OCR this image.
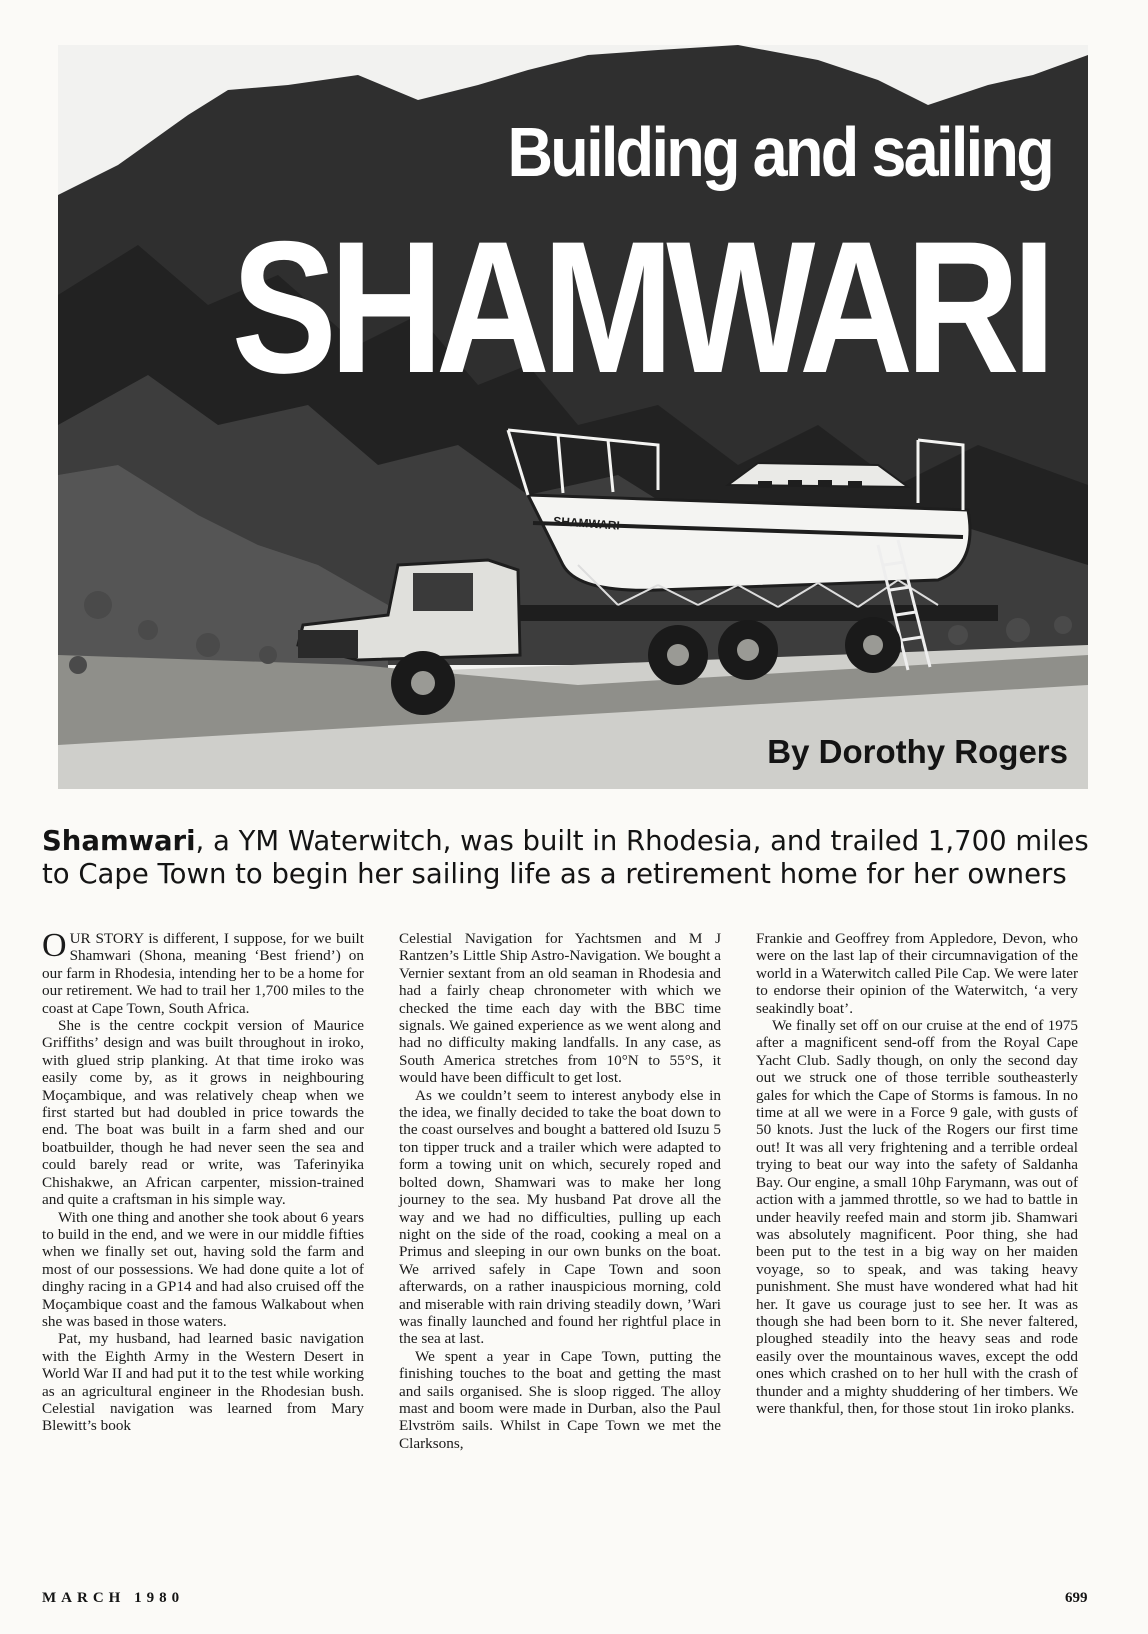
SHAMWARI
Building and sailing
SHAMWARI
By Dorothy Rogers
Shamwari, a YM Waterwitch, was built in Rhodesia, and trailed 1,700 miles to Cape Town to begin her sailing life as a retirement home for her owners

OUR STORY is different, I suppose, for we built Shamwari (Shona, meaning ‘Best friend’) on our farm in Rhodesia, intending her to be a home for our retirement. We had to trail her 1,700 miles to the coast at Cape Town, South Africa.

She is the centre cockpit version of Maurice Griffiths’ design and was built throughout in iroko, with glued strip planking. At that time iroko was easily come by, as it grows in neighbouring Moçambique, and was relatively cheap when we first started but had doubled in price towards the end. The boat was built in a farm shed and our boatbuilder, though he had never seen the sea and could barely read or write, was Taferinyika Chishakwe, an African carpenter, mission-trained and quite a craftsman in his simple way.

With one thing and another she took about 6 years to build in the end, and we were in our middle fifties when we finally set out, having sold the farm and most of our possessions. We had done quite a lot of dinghy racing in a GP14 and had also cruised off the Moçambique coast and the famous Walkabout when she was based in those waters.

Pat, my husband, had learned basic navigation with the Eighth Army in the Western Desert in World War II and had put it to the test while working as an agricultural engineer in the Rhodesian bush. Celestial navigation was learned from Mary Blewitt’s book

Celestial Navigation for Yachtsmen and M J Rantzen’s Little Ship Astro-Navigation. We bought a Vernier sextant from an old seaman in Rhodesia and had a fairly cheap chronometer with which we checked the time each day with the BBC time signals. We gained experience as we went along and had no difficulty making landfalls. In any case, as South America stretches from 10°N to 55°S, it would have been difficult to get lost.

As we couldn’t seem to interest anybody else in the idea, we finally decided to take the boat down to the coast ourselves and bought a battered old Isuzu 5 ton tipper truck and a trailer which were adapted to form a towing unit on which, securely roped and bolted down, Shamwari was to make her long journey to the sea. My husband Pat drove all the way and we had no difficulties, pulling up each night on the side of the road, cooking a meal on a Primus and sleeping in our own bunks on the boat. We arrived safely in Cape Town and soon afterwards, on a rather inauspicious morning, cold and miserable with rain driving steadily down, ’Wari was finally launched and found her rightful place in the sea at last.

We spent a year in Cape Town, putting the finishing touches to the boat and getting the mast and sails organised. She is sloop rigged. The alloy mast and boom were made in Durban, also the Paul Elvström sails. Whilst in Cape Town we met the Clarksons,

Frankie and Geoffrey from Appledore, Devon, who were on the last lap of their circumnavigation of the world in a Waterwitch called Pile Cap. We were later to endorse their opinion of the Waterwitch, ‘a very seakindly boat’.

We finally set off on our cruise at the end of 1975 after a magnificent send-off from the Royal Cape Yacht Club. Sadly though, on only the second day out we struck one of those terrible southeasterly gales for which the Cape of Storms is famous. In no time at all we were in a Force 9 gale, with gusts of 50 knots. Just the luck of the Rogers our first time out! It was all very frightening and a terrible ordeal trying to beat our way into the safety of Saldanha Bay. Our engine, a small 10hp Farymann, was out of action with a jammed throttle, so we had to battle in under heavily reefed main and storm jib. Shamwari was absolutely magnificent. Poor thing, she had been put to the test in a big way on her maiden voyage, so to speak, and was taking heavy punishment. She must have wondered what had hit her. It gave us courage just to see her. It was as though she had been born to it. She never faltered, ploughed steadily into the heavy seas and rode easily over the mountainous waves, except the odd ones which crashed on to her hull with the crash of thunder and a mighty shuddering of her timbers. We were thankful, then, for those stout 1in iroko planks.

MARCH 1980	699
